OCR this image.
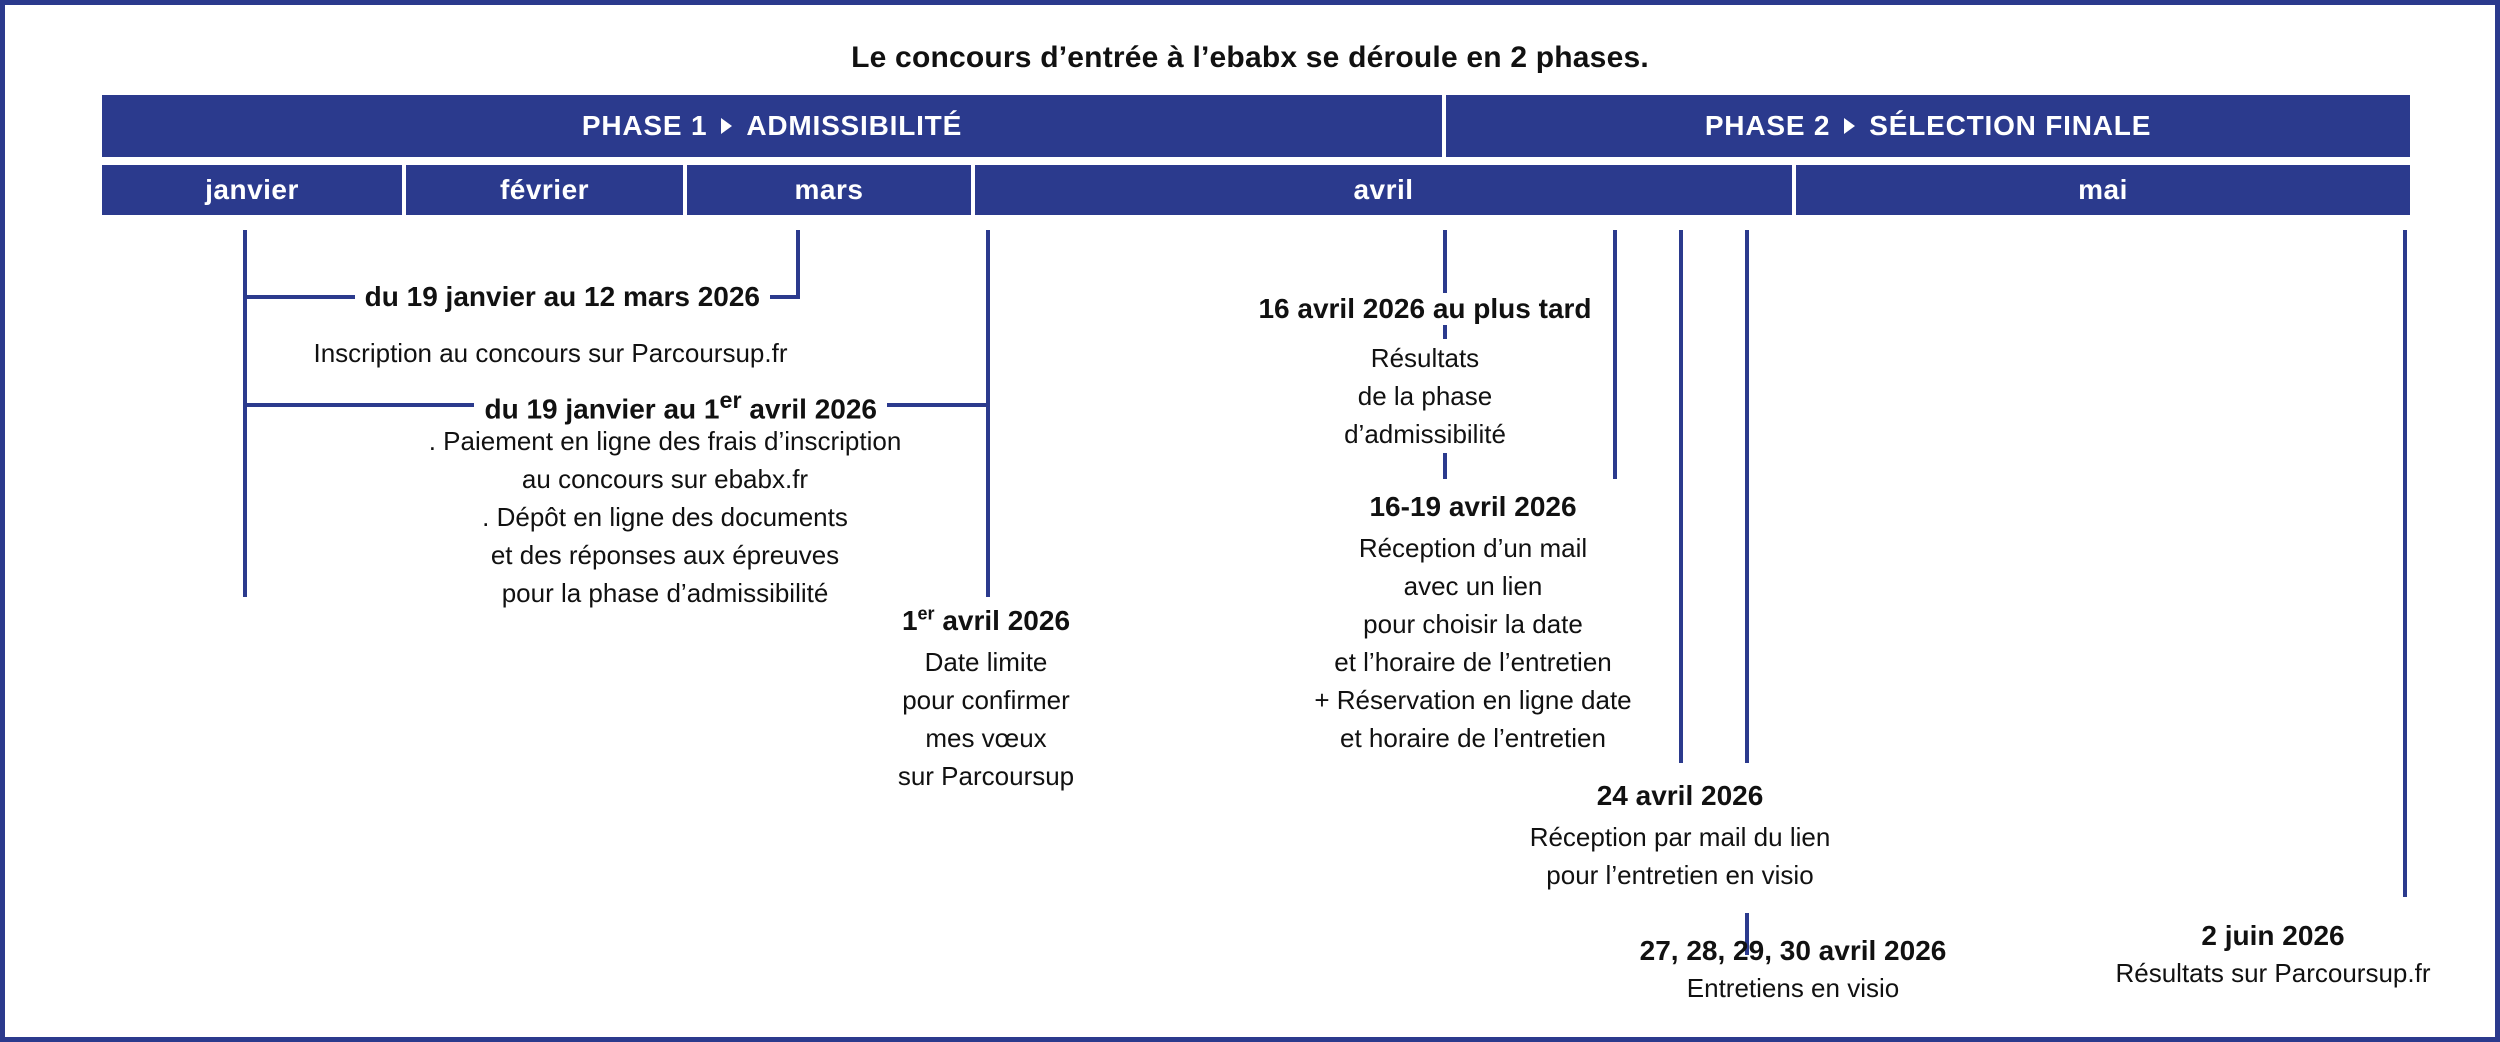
Le concours d’entrée à l’ebabx se déroule en 2 phases.
PHASE 1 ADMISSIBILITÉ	PHASE 2 SÉLECTION FINALE
janvier	février	mars	avril	mai
du 19 janvier au 12 mars 2026
Inscription au concours sur Parcoursup.fr
du 19 janvier au 1er avril 2026
. Paiement en ligne des frais d’inscription
au concours sur ebabx.fr
. Dépôt en ligne des documents
et des réponses aux épreuves
pour la phase d’admissibilité
1er avril 2026
Date limite
pour confirmer
mes vœux
sur Parcoursup
16 avril 2026 au plus tard
Résultats
de la phase
d’admissibilité
16-19 avril 2026
Réception d’un mail
avec un lien
pour choisir la date
et l’horaire de l’entretien
+ Réservation en ligne date
et horaire de l’entretien
24 avril 2026
Réception par mail du lien
pour l’entretien en visio
27, 28, 29, 30 avril 2026
Entretiens en visio
2 juin 2026
Résultats sur Parcoursup.fr
